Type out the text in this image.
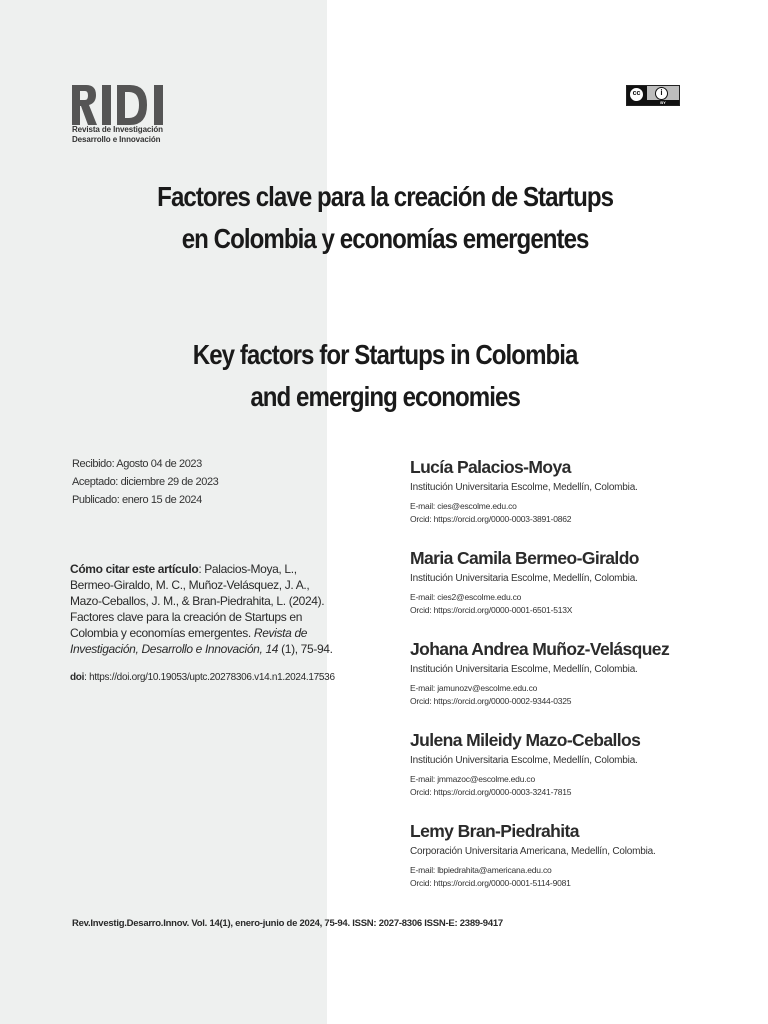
Revista de Investigación
Desarrollo e Innovación
cc	i
BY
Factores clave para la creación de Startups
en Colombia y economías emergentes
Key factors for Startups in Colombia
and emerging economies
Recibido: Agosto 04 de 2023
Aceptado: diciembre 29 de 2023
Publicado: enero 15 de 2024
Cómo citar este artículo: Palacios-Moya, L., Bermeo-Giraldo, M. C., Muñoz-Velásquez, J. A., Mazo-Ceballos, J. M., & Bran-Piedrahita, L. (2024). Factores clave para la creación de Startups en Colombia y economías emergentes. Revista de Investigación, Desarrollo e Innovación, 14 (1), 75-94.
doi: https://doi.org/10.19053/uptc.20278306.v14.n1.2024.17536
Lucía Palacios-Moya
Institución Universitaria Escolme, Medellín, Colombia.
E-mail: cies@escolme.edu.co
Orcid: https://orcid.org/0000-0003-3891-0862
Maria Camila Bermeo-Giraldo
Institución Universitaria Escolme, Medellín, Colombia.
E-mail: cies2@escolme.edu.co
Orcid: https://orcid.org/0000-0001-6501-513X
Johana Andrea Muñoz-Velásquez
Institución Universitaria Escolme, Medellín, Colombia.
E-mail: jamunozv@escolme.edu.co
Orcid: https://orcid.org/0000-0002-9344-0325
Julena Mileidy Mazo-Ceballos
Institución Universitaria Escolme, Medellín, Colombia.
E-mail: jmmazoc@escolme.edu.co
Orcid: https://orcid.org/0000-0003-3241-7815
Lemy Bran-Piedrahita
Corporación Universitaria Americana, Medellín, Colombia.
E-mail: lbpiedrahita@americana.edu.co
Orcid: https://orcid.org/0000-0001-5114-9081
Rev.Investig.Desarro.Innov. Vol. 14(1), enero-junio de 2024, 75-94. ISSN: 2027-8306 ISSN-E: 2389-9417
